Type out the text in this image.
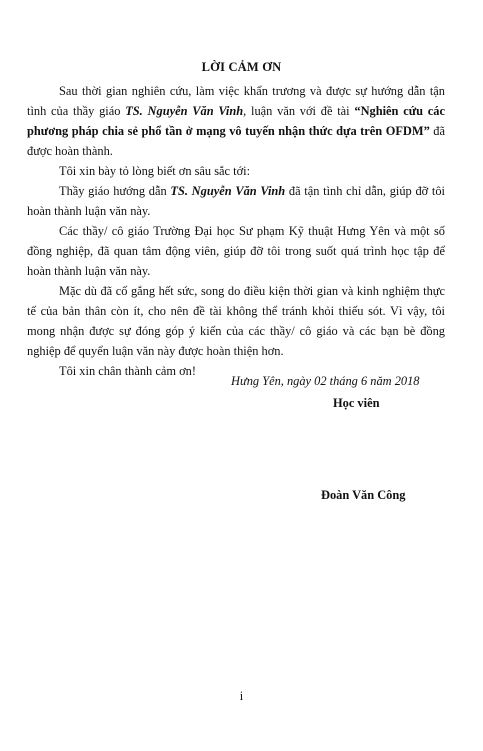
LỜI CẢM ƠN

Sau thời gian nghiên cứu, làm việc khẩn trương và được sự hướng dẫn tận tình của thầy giáo TS. Nguyễn Văn Vinh, luận văn với đề tài “Nghiên cứu các phương pháp chia sẻ phổ tần ở mạng vô tuyến nhận thức dựa trên OFDM” đã được hoàn thành.

Tôi xin bày tỏ lòng biết ơn sâu sắc tới:

Thầy giáo hướng dẫn TS. Nguyễn Văn Vinh đã tận tình chỉ dẫn, giúp đỡ tôi hoàn thành luận văn này.

Các thầy/ cô giáo Trường Đại học Sư phạm Kỹ thuật Hưng Yên và một số đồng nghiệp, đã quan tâm động viên, giúp đỡ tôi trong suốt quá trình học tập để hoàn thành luận văn này.

Mặc dù đã cố gắng hết sức, song do điều kiện thời gian và kinh nghiệm thực tế của bản thân còn ít, cho nên đề tài không thể tránh khỏi thiếu sót. Vì vậy, tôi mong nhận được sự đóng góp ý kiến của các thầy/ cô giáo và các bạn bè đồng nghiệp để quyển luận văn này được hoàn thiện hơn.

Tôi xin chân thành cảm ơn!

Hưng Yên, ngày 02 tháng 6 năm 2018
Học viên
Đoàn Văn Công
i
